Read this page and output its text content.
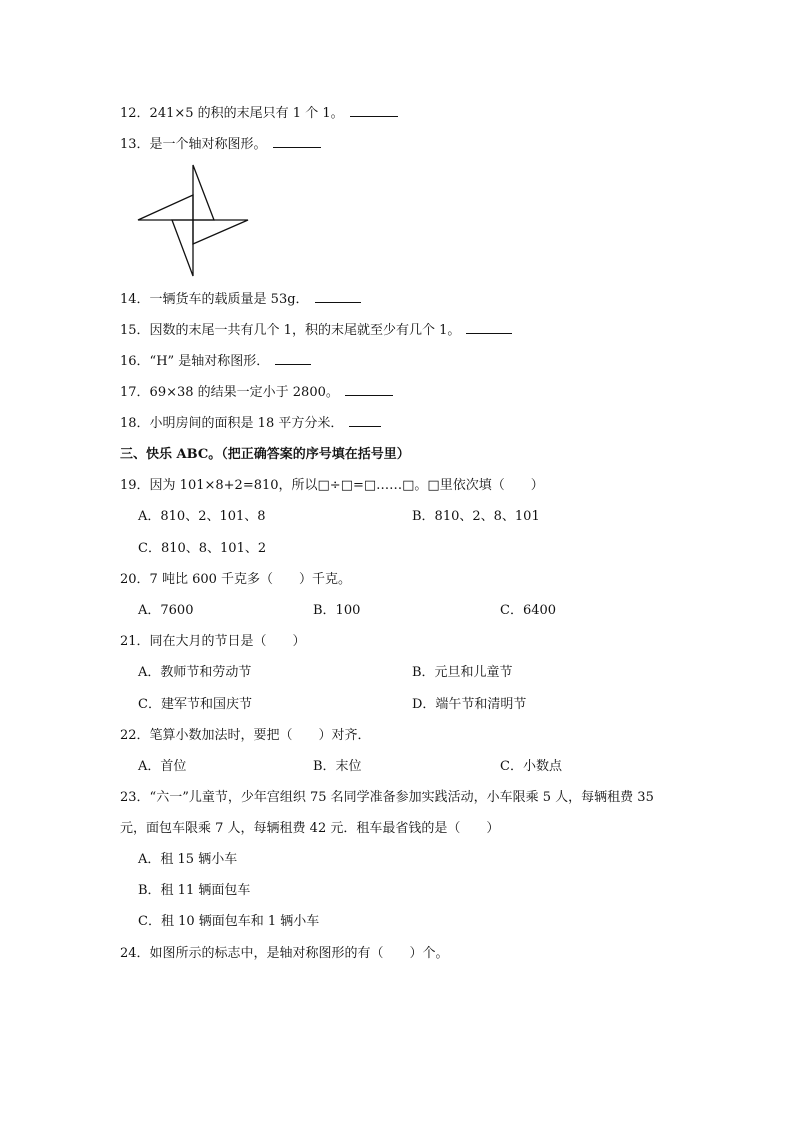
12．241×5 的积的末尾只有 1 个 1。
13．是一个轴对称图形。
14．一辆货车的载质量是 53g．
15．因数的末尾一共有几个 1，积的末尾就至少有几个 1。
16．“H” 是轴对称图形．
17．69×38 的结果一定小于 2800。
18．小明房间的面积是 18 平方分米．
三、快乐 ABC。（把正确答案的序号填在括号里）
19．因为 101×8+2=810，所以□÷□=□……□。□里依次填（　　）
A．810、2、101、8	B．810、2、8、101
C．810、8、101、2
20．7 吨比 600 千克多（　　）千克。
A．7600	B．100	C．6400
21．同在大月的节日是（　　）
A．教师节和劳动节	B．元旦和儿童节
C．建军节和国庆节	D．端午节和清明节
22．笔算小数加法时，要把（　　）对齐．
A．首位	B．末位	C．小数点
23．“六一”儿童节，少年宫组织 75 名同学准备参加实践活动，小车限乘 5 人，每辆租费 35
元，面包车限乘 7 人，每辆租费 42 元．租车最省钱的是（　　）
A．租 15 辆小车
B．租 11 辆面包车
C．租 10 辆面包车和 1 辆小车
24．如图所示的标志中，是轴对称图形的有（　　）个。
